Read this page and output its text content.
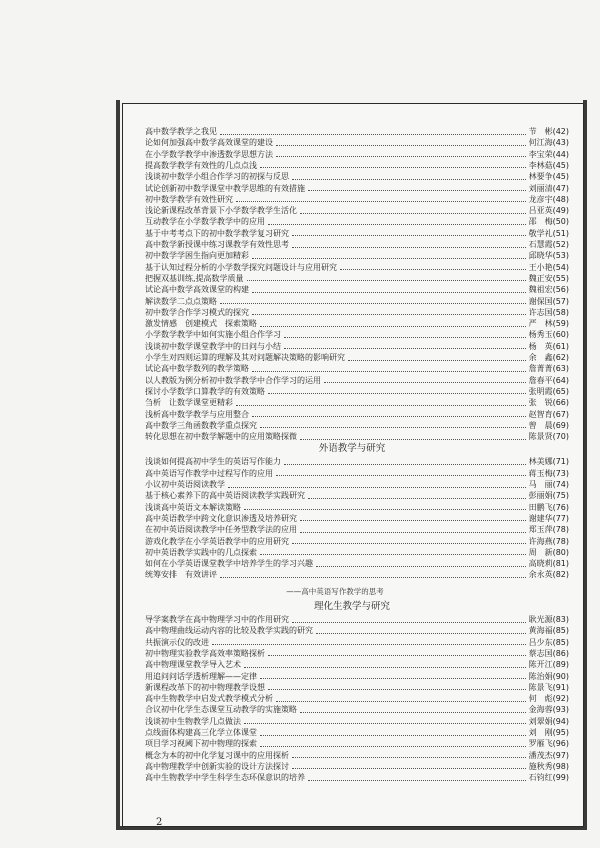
高中数学教学之我见	节　彬 (42)
论如何加强高中数学高效课堂的建设	何江海 (43)
在小学数学教学中渗透数学思想方法	李宝荣 (44)
提高数学教学有效性的几点点浅	李林菇 (45)
浅谈初中数学小组合作学习的初探与反思	林要争 (45)
试论创新初中数学课堂中教学思维的有效措施	刘丽清 (47)
初中数学教学有效性研究	龙彦宇 (48)
浅论新课程改革背景下小学数学教学生活化	吕亚英 (49)
互动教学在小学数学教学中的应用	邵　梅 (50)
基于中考考点下的初中数学教学复习研究	敬学礼 (51)
高中数学新授课中练习课教学有效性思考	石慧霞 (52)
初中数学学困生指向更加精彩	邱晓华 (53)
基于认知过程分析的小学数学探究问题设计与应用研究	王小艳 (54)
把握双基训练,提高数学质量	魏正安 (55)
试论高中数学高效课堂的构建	魏祖宏 (56)
解读数学二点点策略	谢保国 (57)
初中数学合作学习模式的探究	许志国 (58)
激发情感　创建模式　探索策略	严　林 (59)
小学数学教学中如何实施小组合作学习	杨秀玉 (60)
浅谈初中数学课堂教学中的日问与小结	杨　英 (61)
小学生对四则运算的理解及其对问题解决策略的影响研究	余　鑫 (62)
试论高中数学数列的教学策略	詹菁菁 (63)
以人教版为例分析初中数学教学中合作学习的运用	詹春平 (64)
探讨小学数学口算教学的有效策略	张明霞 (65)
刍析　让数学课堂更精彩	张　锐 (66)
浅析高中数学教学与应用整合	赵智育 (67)
高中数学三角函数教学重点探究	曾　晨 (69)
转化思想在初中数学解题中的应用策略探微	陈景贤 (70)
外语教学与研究
浅谈如何提高初中学生的英语写作能力	林美娜 (71)
高中英语写作教学中过程写作的应用	蒋玉梅 (73)
小议初中英语阅读教学	马　丽 (74)
基于核心素养下的高中英语阅读教学实践研究	彭丽娟 (75)
浅谈高中英语文本解读策略	田鹏飞 (76)
高中英语教学中跨文化意识渗透及培养研究	谢建华 (77)
在初中英语阅读教学中任务型教学法的应用	郑玉萍 (78)
游戏化教学在小学英语教学中的应用研究	许海燕 (78)
初中英语教学实践中的几点探索	周　新 (80)
如何在小学英语课堂教学中培养学生的学习兴趣	高晓莉 (81)
统筹安排　有效讲评	余永英 (82)
理化生教学与研究
导学案教学在高中物理学习中的作用研究	耿光源 (83)
高中物理曲线运动内容的比较及教学实践的研究	黄海福 (85)
共振演示仪的改进	吕少东 (85)
初中物理实验教学高效率策略探析	蔡志国 (86)
高中物理课堂教学导入艺术	陈开江 (89)
用追问问话学透析理解——定律	陈治娟 (90)
新课程改革下的初中物理教学设想	陈景飞 (91)
高中生物教学中启发式教学模式分析	何　彪 (92)
合议初中化学生态课堂互动教学的实施策略	金海蓉 (93)
浅谈初中生物教学几点做法	刘翠娟 (94)
点线面体构建高三化学立体课堂	刘　刚 (95)
项目学习视阈下初中物理的探索	罗雁飞 (96)
概念为本的初中化学复习课中的应用探析	潘茂杰 (97)
高中物理教学中创新实验的设计方法探讨	施秋秀 (98)
高中生物教学中学生科学生态环保意识的培养	石钧红 (99)
——高中英语写作教学的思考
2
